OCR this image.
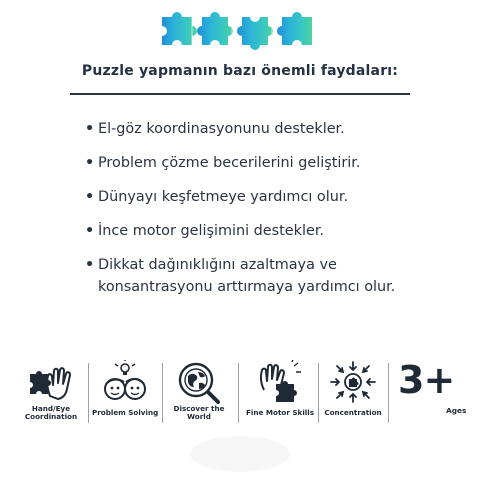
Puzzle yapmanın bazı önemli faydaları:
• El-göz koordinasyonunu destekler.
• Problem çözme becerilerini geliştirir.
• Dünyayı keşfetmeye yardımcı olur.
• İnce motor gelişimini destekler.
• Dikkat dağınıklığını azaltmaya ve konsantrasyonu arttırmaya yardımcı olur.
Hand/Eye
Coordination	Problem Solving	Discover the
World	Fine Motor Skills	Concentration
3+
Ages
